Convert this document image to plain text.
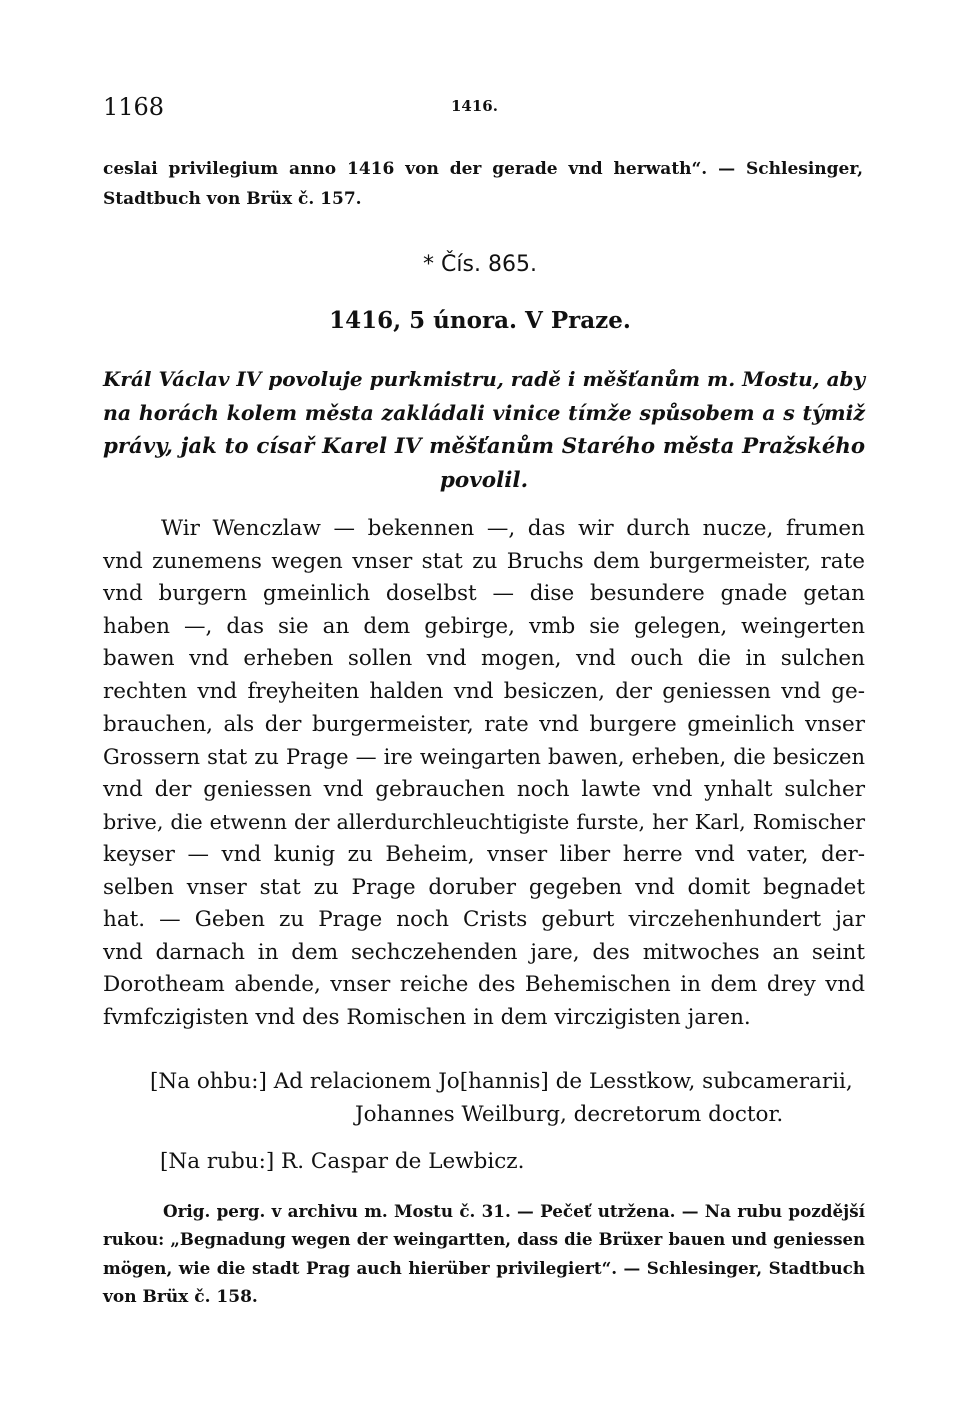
1168	1416.
ceslai privilegium anno 1416 von der gerade vnd herwath“. — Schlesinger, Stadtbuch von Brüx č. 157.
* Čís. 865.
1416, 5 února. V Praze.
Král Václav IV povoluje purkmistru, radě i měšťanům m. Mostu, aby
na horách kolem města zakládali vinice tímže spůsobem a s týmiž
právy, jak to císař Karel IV měšťanům Starého města Pražského
povolil.
Wir Wenczlaw — bekennen —, das wir durch nucze, frumen
vnd zunemens wegen vnser stat zu Bruchs dem burgermeister, rate
vnd burgern gmeinlich doselbst — dise besundere gnade getan
haben —, das sie an dem gebirge, vmb sie gelegen, weingerten
bawen vnd erheben sollen vnd mogen, vnd ouch die in sulchen
rechten vnd freyheiten halden vnd besiczen, der geniessen vnd ge-
brauchen, als der burgermeister, rate vnd burgere gmeinlich vnser
Grossern stat zu Prage — ire weingarten bawen, erheben, die besiczen
vnd der geniessen vnd gebrauchen noch lawte vnd ynhalt sulcher
brive, die etwenn der allerdurchleuchtigiste furste, her Karl, Romischer
keyser — vnd kunig zu Beheim, vnser liber herre vnd vater, der-
selben vnser stat zu Prage doruber gegeben vnd domit begnadet
hat. — Geben zu Prage noch Crists geburt virczehenhundert jar
vnd darnach in dem sechczehenden jare, des mitwoches an seint
Dorotheam abende, vnser reiche des Behemischen in dem drey vnd
fvmfczigisten vnd des Romischen in dem virczigisten jaren.
[Na ohbu:] Ad relacionem Jo[hannis] de Lesstkow, subcamerarii,
Johannes Weilburg, decretorum doctor.
[Na rubu:] R. Caspar de Lewbicz.
Orig. perg. v archivu m. Mostu č. 31. — Pečeť utržena. — Na rubu pozdější
rukou: „Begnadung wegen der weingartten, dass die Brüxer bauen und geniessen
mögen, wie die stadt Prag auch hierüber privilegiert“. — Schlesinger, Stadtbuch
von Brüx č. 158.
